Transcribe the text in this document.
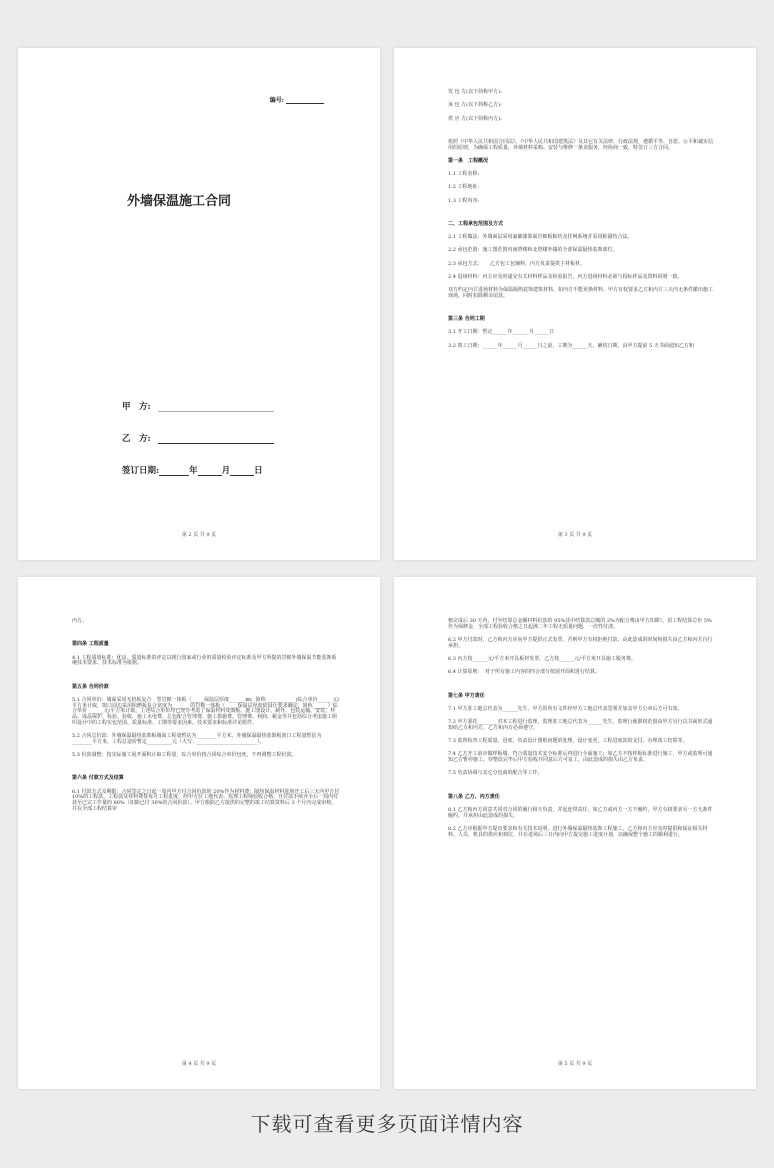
编号:
外墙保温施工合同
甲　方:
乙　方:
签订日期:	年	月	日
第 2 页 共 9 页

发 包 方(以下简称甲方):

承 包 方(以下简称乙方):

供 应 方(以下简称丙方):

依照《中华人民共和国合同法》、《中华人民共和国建筑法》及其它有关法律、行政法规，遵循平等、自愿、公平和诚实信用的原则，为确保工程质量，外墙材料采购、安装与维修一条龙服务，经协商一致，特签订三方合同。

第一条　工程概况

1.1 工程名称:

1.2 工程地址:

1.3 工程内容:

二、工程承包范围及方式

2.1 工程做法：外墙面层采用氟碳漆饰面岩棉板粘结及挂网系统并采用粘锚结合法。

2.2 承包范围：施工图范围内南塔楼和北塔楼外墙的全部保温隔热装饰部位。

2.3 承包方式：　　乙方包工包辅料，丙方负责提供主材板材。

2.4 进场材料：丙方应及时递交有关材料样品及检验报告，丙方进场材料必须与投标样品及资料说明一致。

双方约定丙方进场材料为保温隔热装饰建筑材料，如丙方不能更换材料，甲方有权要求乙方和丙方三天内无条件撤出施工现场，同时扣除剩余尾款。

第三条 合同工期

3.1 开工日期：暂定______年______ 月______日

3.2 竣工日期：______年______月______日之前，工期为______天，确切日期，由甲方提前 5 天书面通知乙方和

第 3 页 共 9 页

丙方。

第四条 工程质量

4.1 工程质量标准：优良，质量标准的评定以现行国家或行业的质量检验评定标准及甲方所提的岩棉外墙保温节能装饰系统技术要求、技术标准为依据。

第五条 合同价款

5.1 合同单价：墙面采用无机板复合　型岩棉一体板（_____保温层厚度______ ㎜；简称____________)综合单价______元/平方米计取，窗口周边采用阻燃板复合宽度为 ______ 的岩棉一体板（_____保温层厚度依设计要求确定，简称______）综合单价 ______元/平方米计取，上述综合单价均已充分考虑了保温材料及面板、施工图设计、制作、包装运输、安装、样品、成品保护、检验、验收、施工水电费、总包配合管理费、施工措施费、管理费、利润、税金等并包括综合考虑施工组织设计中的工程实包范围、质量标准、工期等要求因素。技术要求和标准详见附件。

5.2 合同总价款：外墙保温隔热装饰板墙面工程量暂估为________平方米，外墙保温隔热装饰板窗口工程量暂估为________平方米，工程总造价暂定__________元（大写：________________________）。

5.3 价款调整：按实际施工展开面积计取工程量，综合单价按合同综合单价包死，不再调整工程价款。

第六条 付款方式及结算

6.1 付款方式及期限：合同签定之日起一周内甲方付合同价款的 20%作为材料费；隔热保温材料进场开工后三天内甲方付 10%的工程款，工程款及材料费按每月工程进度，经甲方驻工地代表、监理工程师验收合格，且付款手续齐全后一周内付款至已完工作量的 80%（扣除已付 30%的合同价款）。甲方根据乙方提供的完整的竣工结算资料后 3 个月内完成审核，并在全部工程结算审

第 4 页 共 9 页

核完成后 30 天内，付至结算总金额材料价款的 95%其中结算款总额的 2%为配合费由甲方扣除），留工程结算总价 5%作为保修金，全部工程验收合格之日起满二年工程无质量问题，一次性付清。

6.2 甲方付款时，乙方和丙方应向甲方提供正式发票，否则甲方有权拒绝付款，由此造成的时间和损失由乙方和丙方自行承担。

6.3 丙方按______元/平方米开具板材发票，乙方按______元/平方米开具施工服务费。

6.4 计算原则：　对于所有施工内容的四合部分按展开面积进行结算。

第七条 甲方责任

7.1 甲方驻工地总代表为______先生，甲方的所有文件经甲方工地总代表签署并加盖甲方公章后方可有效。

7.2 甲方委托________对本工程进行监理，监理驻工地总代表为______先生，监理行使职权范围由甲方另行以书面形式通知给乙方和丙方，乙方和丙方必须遵守。

7.3 监督检查工程质量、进度，负责设计图纸问题的处理，设计变更，工程进度款的支付、办理竣工结算等。

7.4 乙方开工前应做样板墙，符合质量技术安全标准后再进行全面施工；如乙方不按样板标准进行施工，甲方或监理可通知乙方暂停施工，待整改完毕后甲方验收并同意后方可复工，由此造成的损失由乙方负责。

7.5 负责协调与其它分包商的配合等工作。

第八条 乙方、丙方责任

8.1 乙方和丙方同意共同对合同的履行相互负责，并起连带责任，如乙方或丙方一方不履约，甲方有权要求另一方无条件履约，并承担由此造成的损失。

8.2 乙方应根据甲方提出要求和有关技术说明，进行外墙保温隔热装饰工程施工，乙方和丙方应及时提供和保证相关材料、人员、机具的供应和到位，并在进场后三日内向甲方提交施工进度计划，以确保整个施工的顺利进行。

第 5 页 共 9 页
下载可查看更多页面详情内容
